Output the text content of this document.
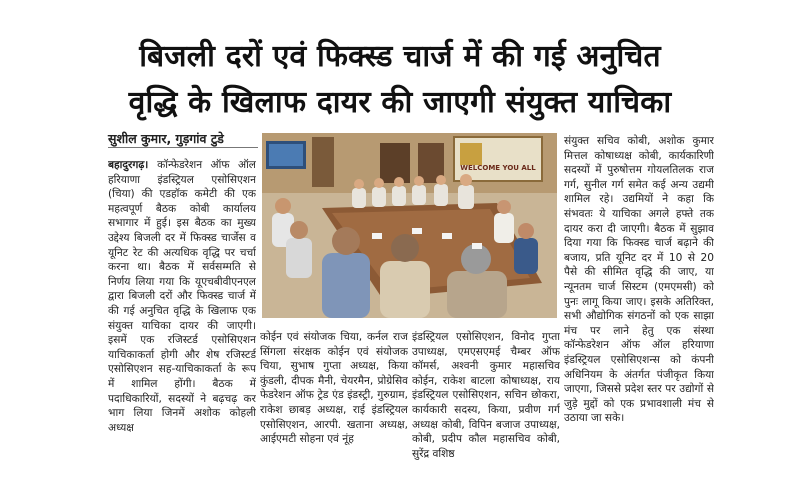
बिजली दरों एवं फिक्स्ड चार्ज में की गई अनुचित
वृद्धि के खिलाफ दायर की जाएगी संयुक्त याचिका
सुशील कुमार, गुड़गांव टुडे
बहादुरगढ़। कॉन्फेडरेशन ऑफ ऑल हरियाणा इंडस्ट्रियल एसोसिएशन (चिया) की एडहॉक कमेटी की एक महत्वपूर्ण बैठक कोबी कार्यालय सभागार में हुई। इस बैठक का मुख्य उद्देश्य बिजली दर में फिक्स्ड चार्जेस व यूनिट रेट की अत्यधिक वृद्धि पर चर्चा करना था। बैठक में सर्वसम्मति से निर्णय लिया गया कि यूएचबीवीएनएल द्वारा बिजली दरों और फिक्स्ड चार्ज में की गई अनुचित वृद्धि के खिलाफ एक संयुक्त याचिका दायर की जाएगी। इसमें एक रजिस्टर्ड एसोसिएशन याचिकाकर्ता होगी और शेष रजिस्टर्ड एसोसिएशन सह-याचिकाकर्ता के रूप में शामिल होंगी। बैठक में पदाधिकारियों, सदस्यों ने बढ़चढ़ कर भाग लिया जिनमें अशोक कोहली अध्यक्ष
WELCOME YOU ALL
कोईन एवं संयोजक चिया, कर्नल राज सिंगला संरक्षक कोईन एवं संयोजक चिया, सुभाष गुप्ता अध्यक्ष, किया कुंडली, दीपक मैनी, चेयरमैन, प्रोग्रेसिव फेडरेशन ऑफ ट्रेड एंड इंडस्ट्री, गुरुग्राम, राकेश छाबड़ अध्यक्ष, राई इंडस्ट्रियल एसोसिएशन, आरपी. खताना अध्यक्ष, आईएमटी सोहना एवं नूंह
इंडस्ट्रियल एसोसिएशन, विनोद गुप्ता उपाध्यक्ष, एमएसएमई चैम्बर ऑफ कॉमर्स, अश्वनी कुमार महासचिव कोईन, राकेश बाटला कोषाध्यक्ष, राय इंडस्ट्रियल एसोसिएशन, सचिन छोकरा, कार्यकारी सदस्य, किया, प्रवीण गर्ग अध्यक्ष कोबी, विपिन बजाज उपाध्यक्ष, कोबी, प्रदीप कौल महासचिव कोबी, सुरेंद्र वशिष्ठ
संयुक्त सचिव कोबी, अशोक कुमार मित्तल कोषाध्यक्ष कोबी, कार्यकारिणी सदस्यों में पुरुषोत्तम गोयलतिलक राज गर्ग, सुनील गर्ग समेत कई अन्य उद्यमी शामिल रहे। उद्यमियों ने कहा कि संभवतः ये याचिका अगले हफ्ते तक दायर करा दी जाएगी। बैठक में सुझाव दिया गया कि फिक्स्ड चार्ज बढ़ाने की बजाय, प्रति यूनिट दर में 10 से 20 पैसे की सीमित वृद्धि की जाए, या न्यूनतम चार्ज सिस्टम (एमएमसी) को पुनः लागू किया जाए। इसके अतिरिक्त, सभी औद्योगिक संगठनों को एक साझा मंच पर लाने हेतु एक संस्था कॉन्फेडरेशन ऑफ ऑल हरियाणा इंडस्ट्रियल एसोसिएशन्स को कंपनी अधिनियम के अंतर्गत पंजीकृत किया जाएगा, जिससे प्रदेश स्तर पर उद्योगों से जुड़े मुद्दों को एक प्रभावशाली मंच से उठाया जा सके।
